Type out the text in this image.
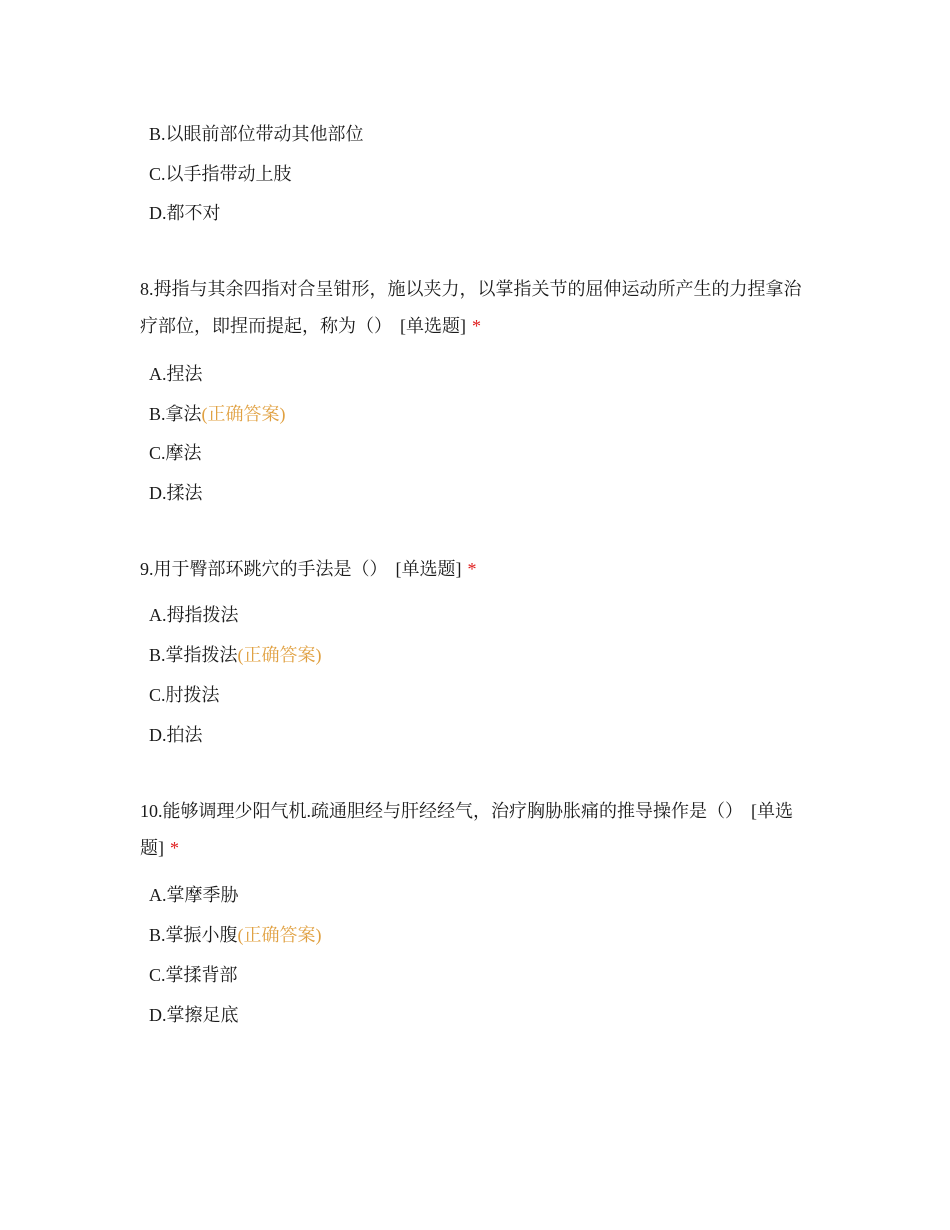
B.以眼前部位带动其他部位
C.以手指带动上肢
D.都不对
8.拇指与其余四指对合呈钳形，施以夹力，以掌指关节的屈伸运动所产生的力捏拿治疗部位，即捏而提起，称为（） [单选题] *
A.捏法
B.拿法(正确答案)
C.摩法
D.揉法
9.用于臀部环跳穴的手法是（） [单选题] *
A.拇指拨法
B.掌指拨法(正确答案)
C.肘拨法
D.拍法
10.能够调理少阳气机.疏通胆经与肝经经气，治疗胸胁胀痛的推导操作是（） [单选题] *
A.掌摩季胁
B.掌振小腹(正确答案)
C.掌揉背部
D.掌擦足底
